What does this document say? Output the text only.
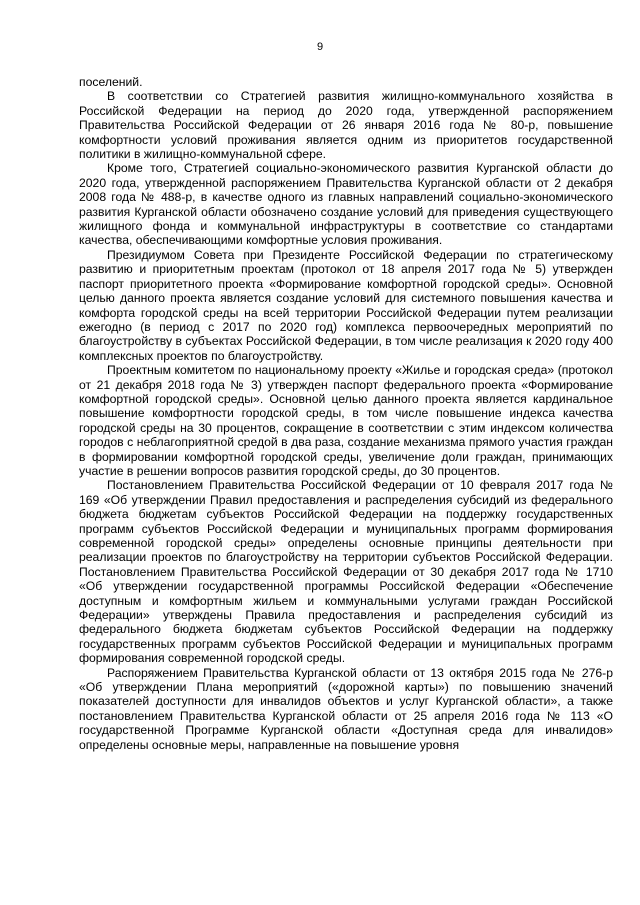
9

поселений.

В соответствии со Стратегией развития жилищно-коммунального хозяйства в Российской Федерации на период до 2020 года, утвержденной распоряжением Правительства Российской Федерации от 26 января 2016 года № 80-р, повышение комфортности условий проживания является одним из приоритетов государственной политики в жилищно-коммунальной сфере.

Кроме того, Стратегией социально-экономического развития Курганской области до 2020 года, утвержденной распоряжением Правительства Курганской области от 2 декабря 2008 года № 488-р, в качестве одного из главных направлений социально-экономического развития Курганской области обозначено создание условий для приведения существующего жилищного фонда и коммунальной инфраструктуры в соответствие со стандартами качества, обеспечивающими комфортные условия проживания.

Президиумом Совета при Президенте Российской Федерации по стратегическому развитию и приоритетным проектам (протокол от 18 апреля 2017 года № 5) утвержден паспорт приоритетного проекта «Формирование комфортной городской среды». Основной целью данного проекта является создание условий для системного повышения качества и комфорта городской среды на всей территории Российской Федерации путем реализации ежегодно (в период с 2017 по 2020 год) комплекса первоочередных мероприятий по благоустройству в субъектах Российской Федерации, в том числе реализация к 2020 году 400 комплексных проектов по благоустройству.

Проектным комитетом по национальному проекту «Жилье и городская среда» (протокол от 21 декабря 2018 года № 3) утвержден паспорт федерального проекта «Формирование комфортной городской среды». Основной целью данного проекта является кардинальное повышение комфортности городской среды, в том числе повышение индекса качества городской среды на 30 процентов, сокращение в соответствии с этим индексом количества городов с неблагоприятной средой в два раза, создание механизма прямого участия граждан в формировании комфортной городской среды, увеличение доли граждан, принимающих участие в решении вопросов развития городской среды, до 30 процентов.

Постановлением Правительства Российской Федерации от 10 февраля 2017 года № 169 «Об утверждении Правил предоставления и распределения субсидий из федерального бюджета бюджетам субъектов Российской Федерации на поддержку государственных программ субъектов Российской Федерации и муниципальных программ формирования современной городской среды» определены основные принципы деятельности при реализации проектов по благоустройству на территории субъектов Российской Федерации. Постановлением Правительства Российской Федерации от 30 декабря 2017 года № 1710 «Об утверждении государственной программы Российской Федерации «Обеспечение доступным и комфортным жильем и коммунальными услугами граждан Российской Федерации» утверждены Правила предоставления и распределения субсидий из федерального бюджета бюджетам субъектов Российской Федерации на поддержку государственных программ субъектов Российской Федерации и муниципальных программ формирования современной городской среды.

Распоряжением Правительства Курганской области от 13 октября 2015 года № 276-р «Об утверждении Плана мероприятий («дорожной карты») по повышению значений показателей доступности для инвалидов объектов и услуг Курганской области», а также постановлением Правительства Курганской области от 25 апреля 2016 года № 113 «О государственной Программе Курганской области «Доступная среда для инвалидов» определены основные меры, направленные на повышение уровня
